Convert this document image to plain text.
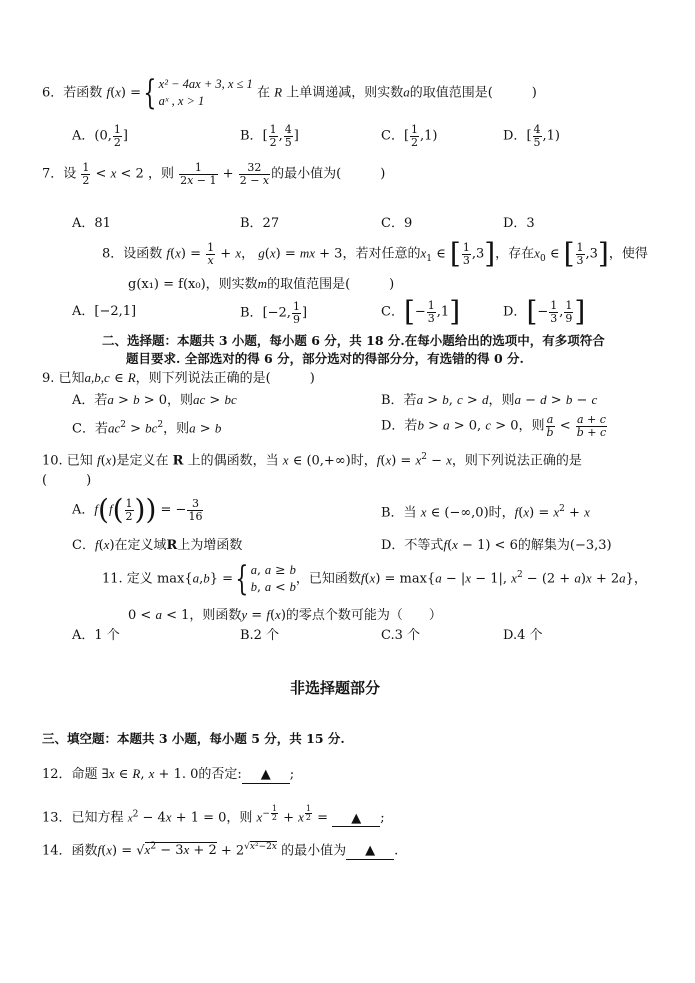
6．若函数 f(x) ={ x² − 4ax + 3, x ≤ 1
aˣ , x > 1 在 R 上单调递减，则实数a的取值范围是(　　　)
A．(0, $\frac{1}{2}$ ]	B．[ $\frac{1}{2}$ , $\frac{4}{5}$ ]	C．[ $\frac{1}{2} ,1$)	D．[ $\frac{4}{5} ,1$)
7．设 $\frac{1}{2} < x < 2$ ，则 $\frac{1}{2x - 1} + \frac{32}{2 - x}$ 的最小值为(　　　)
A．81	B．27	C．9	D．3
8．设函数 $f(x) = \frac{1}{x} + x$， g(x) = mx + 3，若对任意的$x_1$ ∈ [ $\frac{1}{3} ,3$]，存在$x_0$ ∈ [ $\frac{1}{3} ,3$]，使得
g(x₁) = f(x₀)，则实数m的取值范围是(　　　)
A．[−2,1]	B．[−2, $\frac{1}{9}$ ]	C．[− $\frac{1}{3} ,1$]	D．[− $\frac{1}{3}$ , $\frac{1}{9}$ ]
二、选择题：本题共 3 小题，每小题 6 分，共 18 分.在每小题给出的选项中，有多项符合
题目要求. 全部选对的得 6 分，部分选对的得部分分，有选错的得 0 分.
9. 已知a,b,c ∈ R，则下列说法正确的是(　　　)
A．若a > b > 0，则ac > bc	B．若a > b, c > d，则a − d > b − c
C．若$ac^2 > bc^2$，则a > b	D．若b > a > 0, c > 0，则 $\frac{a}{b} < \frac{a + c}{b + c}$
10. 已知 f(x)是定义在 R 上的偶函数，当 x ∈ (0,+∞)时，$f(x) = x^2 - x$，则下列说法正确的是
(　　　)
A．$f(f( \frac{1}{2}$ )) = − $\frac{3}{16}$	B．当 x ∈ (−∞,0)时，$f(x) = x^2 + x$
C．f(x)在定义域R上为增函数	D．不等式f(x − 1) < 6的解集为(−3,3)
11. 定义 max{a,b} ={ a, a ≥ b
b, a < b，已知函数f(x) = max{a − |x − 1|, $x^2 - (2 + a)x + 2a$}，
0 < a < 1，则函数y = f(x)的零点个数可能为（　　）
A．1 个	B.2 个	C.3 个	D.4 个
非选择题部分
三、填空题：本题共 3 小题，每小题 5 分，共 15 分.
12．命题 ∃x ∈ R, x + 1. 0的否定: ▲ ;
13．已知方程 $x^2 - 4x + 1 = 0$，则 $x^{- \frac{1}{2}} + x$ $^{\frac{1}{2}}$ = ▲ ;
14．函数$f(x) = √x^2 - 3x + 2 + 2^{√x^2-2x}$ 的最小值为 ▲ .
